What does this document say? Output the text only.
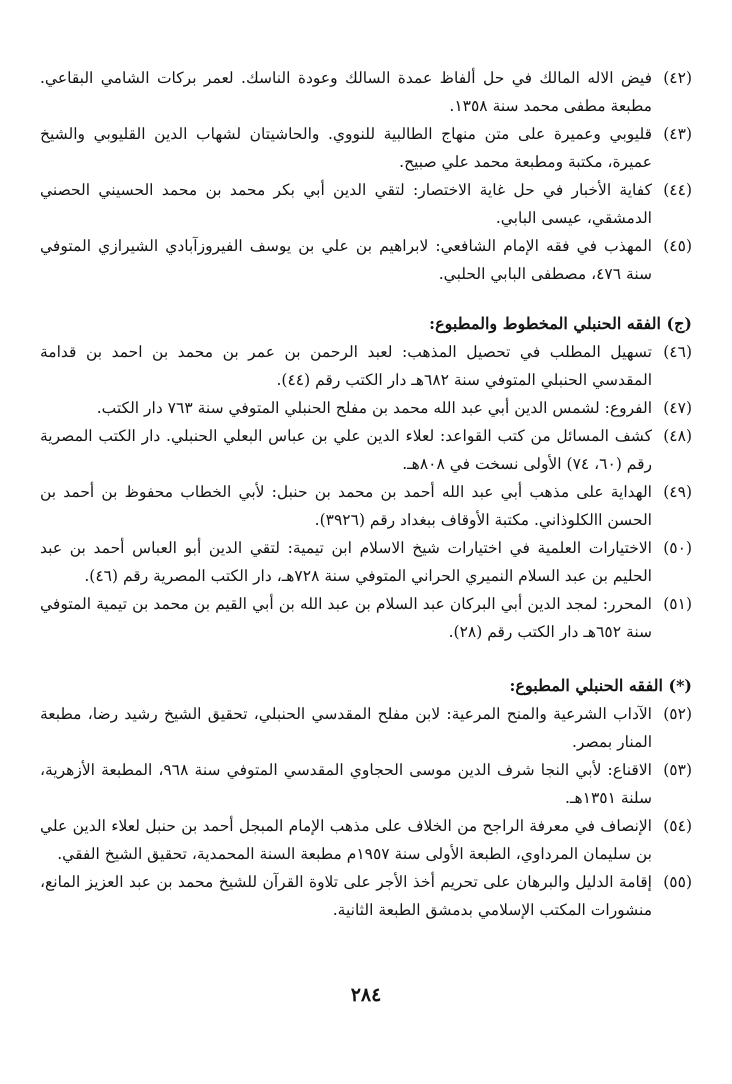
(٤٢)
فيض الاله المالك في حل ألفاظ عمدة السالك وعودة الناسك. لعمر بركات الشامي البقاعي. مطبعة مطفى محمد سنة ١٣٥٨.
(٤٣)
قليوبي وعميرة على متن منهاج الطالبية للنووي. والحاشيتان لشهاب الدين القليوبي والشيخ عميرة، مكتبة ومطبعة محمد علي صبيح.
(٤٤)
كفاية الأخبار في حل غاية الاختصار: لتقي الدين أبي بكر محمد بن محمد الحسيني الحصني الدمشقي، عيسى البابي.
(٤٥)
المهذب في فقه الإمام الشافعي: لابراهيم بن علي بن يوسف الفيروزآبادي الشيرازي المتوفي سنة ٤٧٦، مصطفى البابي الحلبي.
(ج) الفقه الحنبلي المخطوط والمطبوع:
(٤٦)
تسهيل المطلب في تحصيل المذهب: لعبد الرحمن بن عمر بن محمد بن احمد بن قدامة المقدسي الحنبلي المتوفي سنة ٦٨٢هـ دار الكتب رقم (٤٤).
(٤٧)
الفروع: لشمس الدين أبي عبد الله محمد بن مفلح الحنبلي المتوفي سنة ٧٦٣ دار الكتب.
(٤٨)
كشف المسائل من كتب القواعد: لعلاء الدين علي بن عباس البعلي الحنبلي. دار الكتب المصرية رقم (٦٠، ٧٤) الأولى نسخت في ٨٠٨هـ.
(٤٩)
الهداية على مذهب أبي عبد الله أحمد بن محمد بن حنبل: لأبي الخطاب محفوظ بن أحمد بن الحسن االكلوذاني. مكتبة الأوقاف ببغداد رقم (٣٩٢٦).
(٥٠)
الاختيارات العلمية في اختيارات شيخ الاسلام ابن تيمية: لتقي الدين أبو العباس أحمد بن عبد الحليم بن عبد السلام النميري الحراني المتوفي سنة ٧٢٨هـ، دار الكتب المصرية رقم (٤٦).
(٥١)
المحرر: لمجد الدين أبي البركان عبد السلام بن عبد الله بن أبي القيم بن محمد بن تيمية المتوفي سنة ٦٥٢هـ دار الكتب رقم (٢٨).
(*) الفقه الحنبلي المطبوع:
(٥٢)
الآداب الشرعية والمنح المرعية: لابن مفلح المقدسي الحنبلي، تحقيق الشيخ رشيد رضا، مطبعة المنار بمصر.
(٥٣)
الاقناع: لأبي النجا شرف الدين موسى الحجاوي المقدسي المتوفي سنة ٩٦٨، المطبعة الأزهرية، سلنة ١٣٥١هـ.
(٥٤)
الإنصاف في معرفة الراجح من الخلاف على مذهب الإمام المبجل أحمد بن حنبل لعلاء الدين علي بن سليمان المرداوي، الطبعة الأولى سنة ١٩٥٧م مطبعة السنة المحمدية، تحقيق الشيخ الفقي.
(٥٥)
إقامة الدليل والبرهان على تحريم أخذ الأجر على تلاوة القرآن للشيخ محمد بن عبد العزيز المانع، منشورات المكتب الإسلامي بدمشق الطبعة الثانية.
٢٨٤
